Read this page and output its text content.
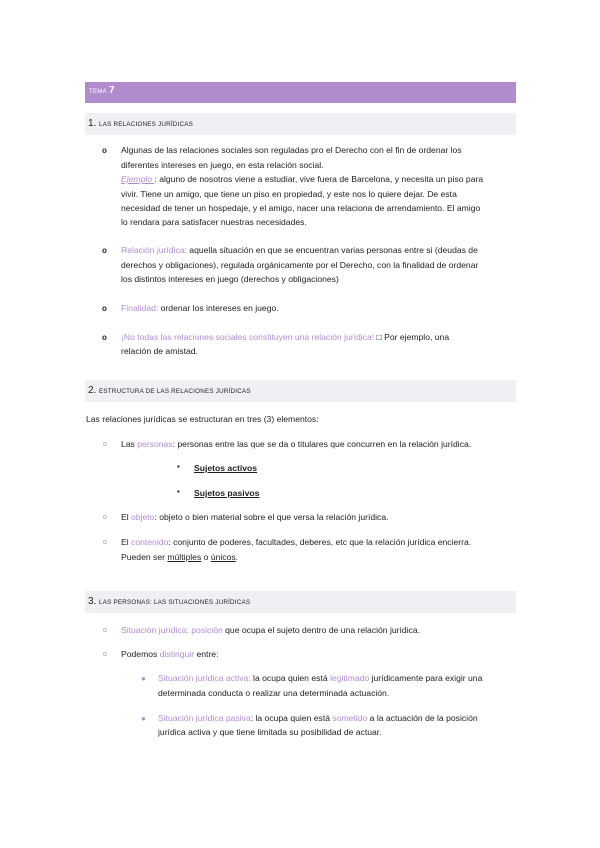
TEMA 7
1. LAS RELACIONES JURÍDICAS
o Algunas de las relaciones sociales son reguladas pro el Derecho con el fin de ordenar los
diferentes intereses en juego, en esta relación social.
Ejemplo : alguno de nosotros viene a estudiar, vive fuera de Barcelona, y necesita un piso para
vivir. Tiene un amigo, que tiene un piso en propiedad, y este nos lo quiere dejar. De esta
necesidad de tener un hospedaje, y el amigo, nacer una relaciona de arrendamiento. El amigo
lo rendara para satisfacer nuestras necesidades.
o Relación jurídica: aquella situación en que se encuentran varias personas entre si (deudas de
derechos y obligaciones), regulada orgánicamente por el Derecho, con la finalidad de ordenar
los distintos intereses en juego (derechos y obligaciones)
o Finalidad: ordenar los intereses en juego.
o ¡No todas las relaciones sociales constituyen una relación jurídica! □ Por ejemplo, una
relación de amistad.
2. ESTRUCTURA DE LAS RELACIONES JURÍDICAS
Las relaciones jurídicas se estructuran en tres (3) elementos:
o Las personas: personas entre las que se da o titulares que concurren en la relación jurídica.
▪ Sujetos activos
▪ Sujetos pasivos
o El objeto: objeto o bien material sobre el que versa la relación jurídica.
o El contenido: conjunto de poderes, facultades, deberes, etc que la relación jurídica encierra.
Pueden ser múltiples o únicos.
3. LAS PERSONAS: LAS SITUACIONES JURÍDICAS
o Situación jurídica: posición que ocupa el sujeto dentro de una relación jurídica.
o Podemos distinguir entre:
● Situación jurídica activa: la ocupa quien está legitimado jurídicamente para exigir una
determinada conducta o realizar una determinada actuación.
● Situación jurídica pasiva: la ocupa quien está sometido a la actuación de la posición
jurídica activa y que tiene limitada su posibilidad de actuar.
